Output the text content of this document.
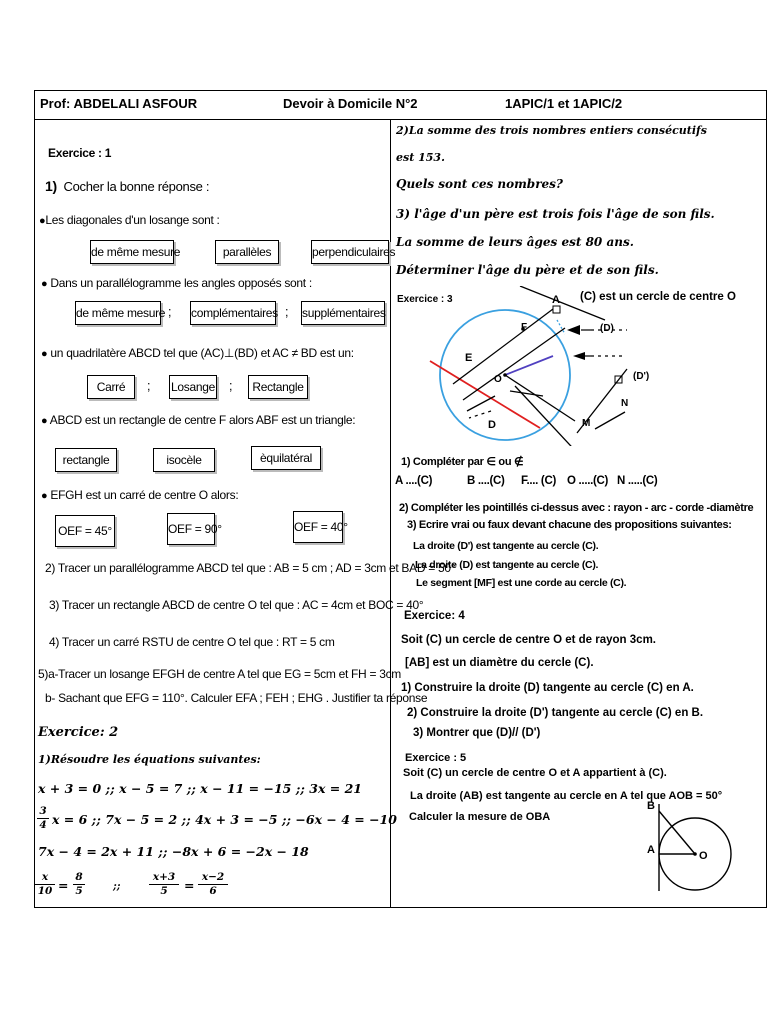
Prof: ABDELALI ASFOUR	Devoir à Domicile N°2	1APIC/1 et 1APIC/2
Exercice : 1
1) Cocher la bonne réponse :
●Les diagonales d'un losange sont :
de même mesure	parallèles	perpendiculaires
● Dans un parallélogramme les angles opposés sont :
de même mesure ; complémentaires ; supplémentaires
● un quadrilatère ABCD tel que (AC)⊥(BD) et AC ≠ BD est un:
Carré	; Losange ;	Rectangle
● ABCD est un rectangle de centre F alors ABF est un triangle:
rectangle	isocèle	èquilatéral
● EFGH est un carré de centre O alors:
OEF = 45°	OEF = 90°	OEF = 40°
2) Tracer un parallélogramme ABCD tel que : AB = 5 cm ; AD = 3cm et BAD = 50°
3) Tracer un rectangle ABCD de centre O tel que : AC = 4cm et BOC = 40°
4) Tracer un carré RSTU de centre O tel que : RT = 5 cm
5)a-Tracer un losange EFGH de centre A tel que EG = 5cm et FH = 3cm
b- Sachant que EFG = 110°. Calculer EFA ; FEH ; EHG . Justifier ta réponse
Exercice: 2
1)Résoudre les équations suivantes:
x + 3 = 0 ;; x − 5 = 7 ;; x − 11 = −15 ;; 3x = 21
$\frac{3}{4}$ x = 6 ;; 7x − 5 = 2 ;; 4x + 3 = −5 ;; −6x − 4 = −10
7x − 4 = 2x + 11 ;; −8x + 6 = −2x − 18
$\frac{x}{10} = \frac{8}{5}$	;;	$\frac{x+3}{5} = \frac{x-2}{6}$
2)La somme des trois nombres entiers consécutifs
est 153.
Quels sont ces nombres?
3) l'âge d'un père est trois fois l'âge de son fils.
La somme de leurs âges est 80 ans.
Déterminer l'âge du père et de son fils.
Exercice : 3	(C) est un cercle de centre O
A
(D)
F
E
O	(D')
N
D	M
1) Compléter par ∈ ou ∉
A ....(C)	B ....(C) F.... (C) O .....(C) N .....(C)
2) Compléter les pointillés ci-dessus avec : rayon - arc - corde -diamètre
3) Ecrire vrai ou faux devant chacune des propositions suivantes:
La droite (D') est tangente au cercle (C).
La droite (D) est tangente au cercle (C).
Le segment [MF] est une corde au cercle (C).
Exercice: 4
Soit (C) un cercle de centre O et de rayon 3cm.
[AB] est un diamètre du cercle (C).
1) Construire la droite (D) tangente au cercle (C) en A.
2) Construire la droite (D') tangente au cercle (C) en B.
3) Montrer que (D)// (D')
Exercice : 5
Soit (C) un cercle de centre O et A appartient à (C).
La droite (AB) est tangente au cercle en A tel que AOB = 50°
Calculer la mesure de OBA
B
A	O
